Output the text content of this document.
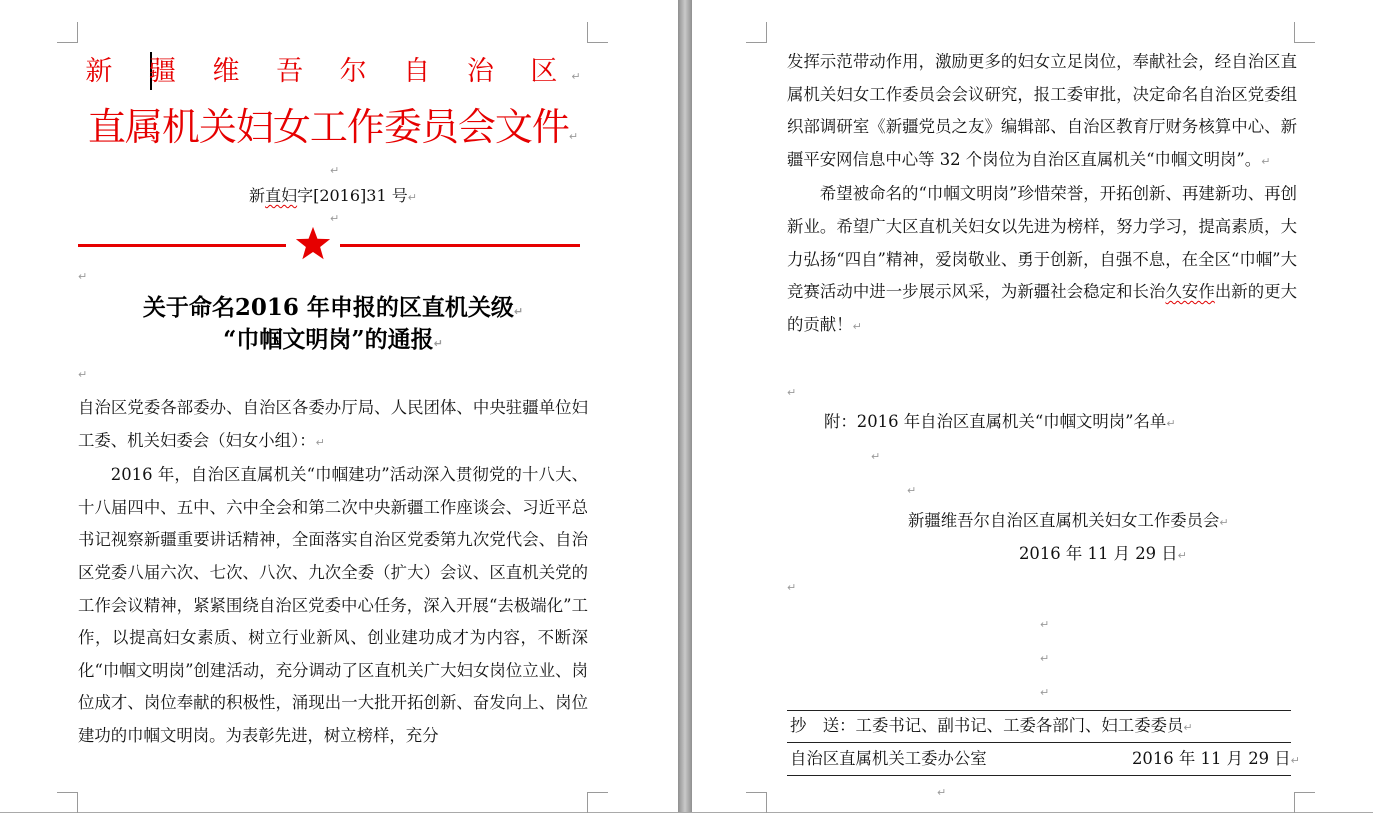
新 疆 维 吾 尔 自 治 区↵
直属机关妇女工作委员会文件↵
↵
新直妇字[2016]31 号↵
↵
↵
关于命名2016 年申报的区直机关级↵
“巾帼文明岗”的通报↵
↵

自治区党委各部委办、自治区各委办厅局、人民团体、中央驻疆单位妇工委、机关妇委会（妇女小组）：↵

2016 年，自治区直属机关“巾帼建功”活动深入贯彻党的十八大、十八届四中、五中、六中全会和第二次中央新疆工作座谈会、习近平总书记视察新疆重要讲话精神，全面落实自治区党委第九次党代会、自治区党委八届六次、七次、八次、九次全委（扩大）会议、区直机关党的工作会议精神，紧紧围绕自治区党委中心任务，深入开展“去极端化”工作，以提高妇女素质、树立行业新风、创业建功成才为内容，不断深化“巾帼文明岗”创建活动，充分调动了区直机关广大妇女岗位立业、岗位成才、岗位奉献的积极性，涌现出一大批开拓创新、奋发向上、岗位建功的巾帼文明岗。为表彰先进，树立榜样，充分

发挥示范带动作用，激励更多的妇女立足岗位，奉献社会，经自治区直属机关妇女工作委员会会议研究，报工委审批，决定命名自治区党委组织部调研室《新疆党员之友》编辑部、自治区教育厅财务核算中心、新疆平安网信息中心等 32 个岗位为自治区直属机关“巾帼文明岗”。↵

希望被命名的“巾帼文明岗”珍惜荣誉，开拓创新、再建新功、再创新业。希望广大区直机关妇女以先进为榜样，努力学习，提高素质，大力弘扬“四自”精神，爱岗敬业、勇于创新，自强不息，在全区“巾帼”大竞赛活动中进一步展示风采，为新疆社会稳定和长治久安作出新的更大的贡献！↵

↵
附：2016 年自治区直属机关“巾帼文明岗”名单↵
↵
↵
新疆维吾尔自治区直属机关妇女工作委员会↵
2016 年 11 月 29 日↵
↵
↵
↵
↵
抄　送：工委书记、副书记、工委各部门、妇工委委员↵
自治区直属机关工委办公室	2016 年 11 月 29 日↵
↵
